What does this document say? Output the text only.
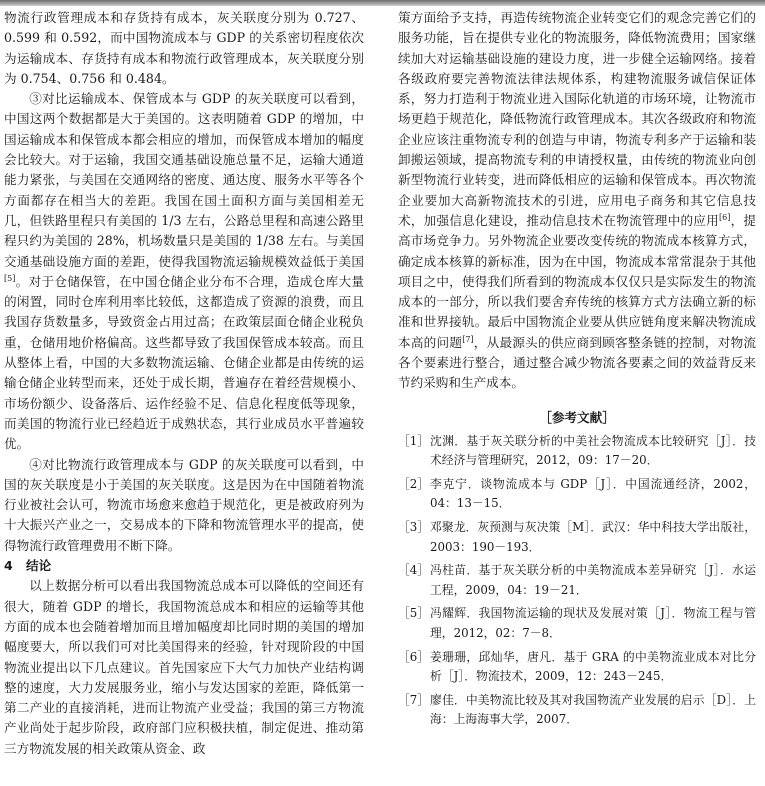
物流行政管理成本和存货持有成本，灰关联度分别为 0.727、0.599 和 0.592，而中国物流成本与 GDP 的关系密切程度依次为运输成本、存货持有成本和物流行政管理成本，灰关联度分别为 0.754、0.756 和 0.484。

③对比运输成本、保管成本与 GDP 的灰关联度可以看到，中国这两个数据都是大于美国的。这表明随着 GDP 的增加，中国运输成本和保管成本都会相应的增加，而保管成本增加的幅度会比较大。对于运输，我国交通基础设施总量不足，运输大通道能力紧张，与美国在交通网络的密度、通达度、服务水平等各个方面都存在相当大的差距。我国在国土面积方面与美国相差无几，但铁路里程只有美国的 1/3 左右，公路总里程和高速公路里程只约为美国的 28%，机场数量只是美国的 1/38 左右。与美国交通基础设施方面的差距，使得我国物流运输规模效益低于美国[5]。对于仓储保管，在中国仓储企业分布不合理，造成仓库大量的闲置，同时仓库利用率比较低，这都造成了资源的浪费，而且我国存货数量多，导致资金占用过高；在政策层面仓储企业税负重，仓储用地价格偏高。这些都导致了我国保管成本较高。而且从整体上看，中国的大多数物流运输、仓储企业都是由传统的运输仓储企业转型而来，还处于成长期，普遍存在着经营规模小、市场份额少、设备落后、运作经验不足、信息化程度低等现象，而美国的物流行业已经趋近于成熟状态，其行业成员水平普遍较优。

④对比物流行政管理成本与 GDP 的灰关联度可以看到，中国的灰关联度是小于美国的灰关联度。这是因为在中国随着物流行业被社会认可，物流市场愈来愈趋于规范化，更是被政府列为十大振兴产业之一，交易成本的下降和物流管理水平的提高，使得物流行政管理费用不断下降。

4 结论

以上数据分析可以看出我国物流总成本可以降低的空间还有很大，随着 GDP 的增长，我国物流总成本和相应的运输等其他方面的成本也会随着增加而且增加幅度却比同时期的美国的增加幅度要大，所以我们可对比美国得来的经验，针对现阶段的中国物流业提出以下几点建议。首先国家应下大气力加快产业结构调整的速度，大力发展服务业，缩小与发达国家的差距，降低第一第二产业的直接消耗，进而让物流产业受益；我国的第三方物流产业尚处于起步阶段，政府部门应积极扶植，制定促进、推动第三方物流发展的相关政策从资金、政

策方面给予支持，再造传统物流企业转变它们的观念完善它们的服务功能，旨在提供专业化的物流服务，降低物流费用；国家继续加大对运输基础设施的建设力度，进一步健全运输网络。接着各级政府要完善物流法律法规体系，构建物流服务诚信保证体系，努力打造利于物流业进入国际化轨道的市场环境，让物流市场更趋于规范化，降低物流行政管理成本。其次各级政府和物流企业应该注重物流专利的创造与申请，物流专利多产于运输和装卸搬运领域，提高物流专利的申请授权量，由传统的物流业向创新型物流行业转变，进而降低相应的运输和保管成本。再次物流企业要加大高新物流技术的引进，应用电子商务和其它信息技术，加强信息化建设，推动信息技术在物流管理中的应用[6]，提高市场竞争力。另外物流企业要改变传统的物流成本核算方式，确定成本核算的新标准，因为在中国，物流成本常常混杂于其他项目之中，使得我们所看到的物流成本仅仅只是实际发生的物流成本的一部分，所以我们要舍弃传统的核算方式方法确立新的标准和世界接轨。最后中国物流企业要从供应链角度来解决物流成本高的问题[7]，从最源头的供应商到顾客整条链的控制，对物流各个要素进行整合，通过整合减少物流各要素之间的效益背反来节约采购和生产成本。

［参考文献］
［1］ 沈渊．基于灰关联分析的中美社会物流成本比较研究［J］．技术经济与管理研究，2012，09：17－20．
［2］ 李克宁．谈物流成本与 GDP［J］．中国流通经济，2002，04：13－15．
［3］ 邓聚龙．灰预测与灰决策［M］．武汉：华中科技大学出版社，2003：190－193．
［4］ 冯柱苗．基于灰关联分析的中美物流成本差异研究［J］．水运工程，2009，04：19－21．
［5］ 冯耀辉．我国物流运输的现状及发展对策［J］．物流工程与管理，2012，02：7－8．
［6］ 姜珊珊，邱灿华，唐凡．基于 GRA 的中美物流业成本对比分析［J］．物流技术，2009，12：243－245．
［7］ 廖佳．中美物流比较及其对我国物流产业发展的启示［D］．上海：上海海事大学，2007．
